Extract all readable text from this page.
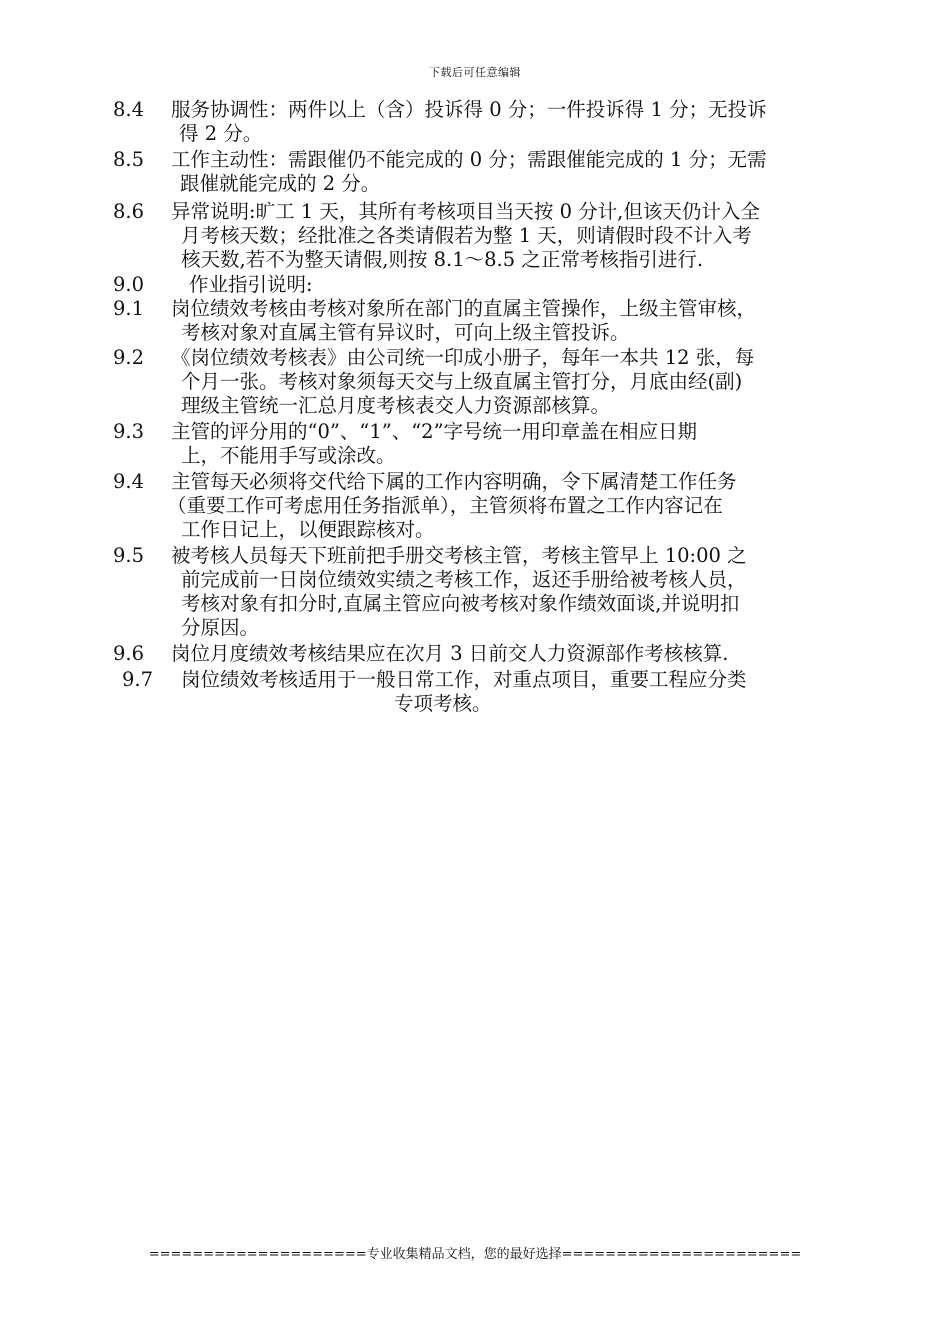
下载后可任意编辑
8.4 服务协调性：两件以上（含）投诉得 0 分；一件投诉得 1 分；无投诉
得 2 分。
8.5 工作主动性：需跟催仍不能完成的 0 分；需跟催能完成的 1 分；无需
跟催就能完成的 2 分。
8.6 异常说明:旷工 1 天，其所有考核项目当天按 0 分计,但该天仍计入全
月考核天数；经批准之各类请假若为整 1 天，则请假时段不计入考
核天数,若不为整天请假,则按 8.1～8.5 之正常考核指引进行.
9.0 作业指引说明:
9.1 岗位绩效考核由考核对象所在部门的直属主管操作，上级主管审核，
考核对象对直属主管有异议时，可向上级主管投诉。
9.2 《岗位绩效考核表》由公司统一印成小册子，每年一本共 12 张，每
个月一张。考核对象须每天交与上级直属主管打分，月底由经(副)
理级主管统一汇总月度考核表交人力资源部核算。
9.3 主管的评分用的“0”、“1”、“2”字号统一用印章盖在相应日期
上，不能用手写或涂改。
9.4 主管每天必须将交代给下属的工作内容明确，令下属清楚工作任务
（重要工作可考虑用任务指派单），主管须将布置之工作内容记在
工作日记上，以便跟踪核对。
9.5 被考核人员每天下班前把手册交考核主管，考核主管早上 10:00 之
前完成前一日岗位绩效实绩之考核工作，返还手册给被考核人员，
考核对象有扣分时,直属主管应向被考核对象作绩效面谈,并说明扣
分原因。
9.6 岗位月度绩效考核结果应在次月 3 日前交人力资源部作考核核算.
9.7 岗位绩效考核适用于一般日常工作，对重点项目，重要工程应分类
专项考核。
====================专业收集精品文档，您的最好选择======================
